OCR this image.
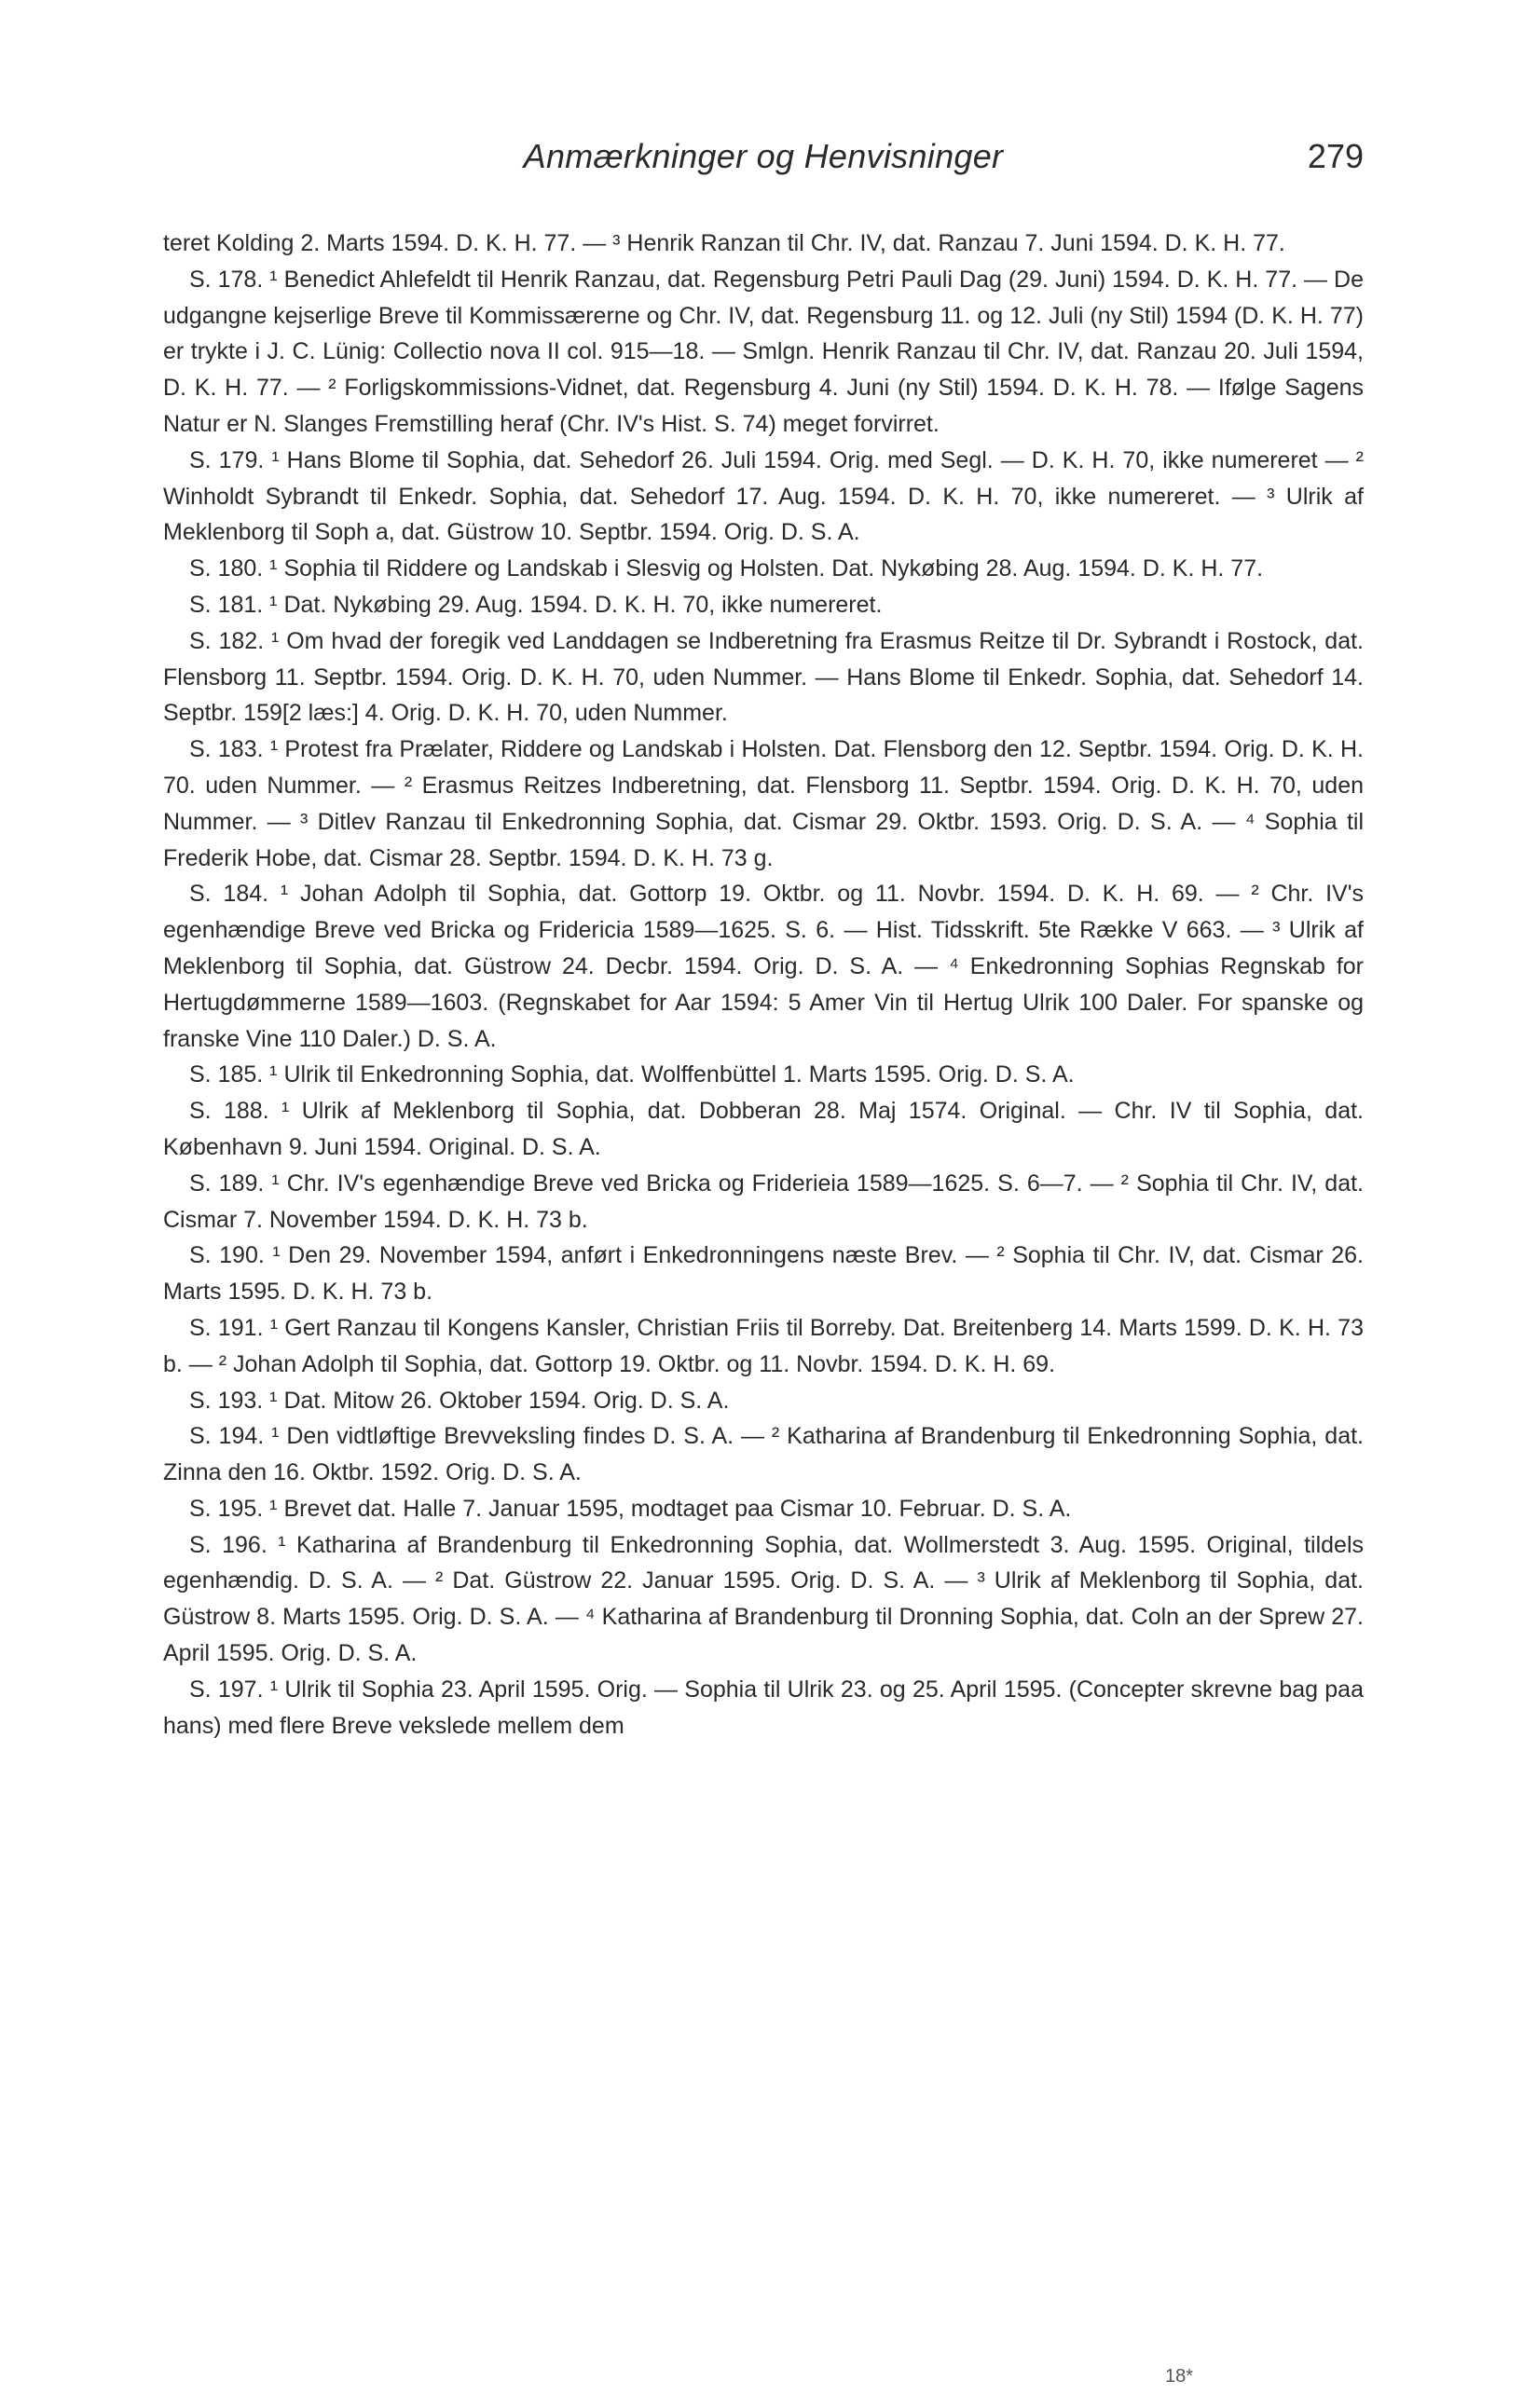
Anmærkninger og Henvisninger	279

teret Kolding 2. Marts 1594. D. K. H. 77. — ³ Henrik Ranzan til Chr. IV, dat. Ranzau 7. Juni 1594. D. K. H. 77.

S. 178. ¹ Benedict Ahlefeldt til Henrik Ranzau, dat. Regensburg Petri Pauli Dag (29. Juni) 1594. D. K. H. 77. — De udgangne kejserlige Breve til Kommissærerne og Chr. IV, dat. Regensburg 11. og 12. Juli (ny Stil) 1594 (D. K. H. 77) er trykte i J. C. Lünig: Collectio nova II col. 915—18. — Smlgn. Henrik Ranzau til Chr. IV, dat. Ranzau 20. Juli 1594, D. K. H. 77. — ² Forligskommissions-Vidnet, dat. Regensburg 4. Juni (ny Stil) 1594. D. K. H. 78. — Ifølge Sagens Natur er N. Slanges Fremstilling heraf (Chr. IV's Hist. S. 74) meget forvirret.

S. 179. ¹ Hans Blome til Sophia, dat. Sehedorf 26. Juli 1594. Orig. med Segl. — D. K. H. 70, ikke numereret — ² Winholdt Sybrandt til Enkedr. Sophia, dat. Sehedorf 17. Aug. 1594. D. K. H. 70, ikke numereret. — ³ Ulrik af Meklenborg til Soph a, dat. Güstrow 10. Septbr. 1594. Orig. D. S. A.

S. 180. ¹ Sophia til Riddere og Landskab i Slesvig og Holsten. Dat. Nykøbing 28. Aug. 1594. D. K. H. 77.

S. 181. ¹ Dat. Nykøbing 29. Aug. 1594. D. K. H. 70, ikke numereret.

S. 182. ¹ Om hvad der foregik ved Landdagen se Indberetning fra Erasmus Reitze til Dr. Sybrandt i Rostock, dat. Flensborg 11. Septbr. 1594. Orig. D. K. H. 70, uden Nummer. — Hans Blome til Enkedr. Sophia, dat. Sehedorf 14. Septbr. 159[2 læs:] 4. Orig. D. K. H. 70, uden Nummer.

S. 183. ¹ Protest fra Prælater, Riddere og Landskab i Holsten. Dat. Flensborg den 12. Septbr. 1594. Orig. D. K. H. 70. uden Nummer. — ² Erasmus Reitzes Indberetning, dat. Flensborg 11. Septbr. 1594. Orig. D. K. H. 70, uden Nummer. — ³ Ditlev Ranzau til Enkedronning Sophia, dat. Cismar 29. Oktbr. 1593. Orig. D. S. A. — ⁴ Sophia til Frederik Hobe, dat. Cismar 28. Septbr. 1594. D. K. H. 73 g.

S. 184. ¹ Johan Adolph til Sophia, dat. Gottorp 19. Oktbr. og 11. Novbr. 1594. D. K. H. 69. — ² Chr. IV's egenhændige Breve ved Bricka og Fridericia 1589—1625. S. 6. — Hist. Tidsskrift. 5te Række V 663. — ³ Ulrik af Meklenborg til Sophia, dat. Güstrow 24. Decbr. 1594. Orig. D. S. A. — ⁴ Enkedronning Sophias Regnskab for Hertugdømmerne 1589—1603. (Regnskabet for Aar 1594: 5 Amer Vin til Hertug Ulrik 100 Daler. For spanske og franske Vine 110 Daler.) D. S. A.

S. 185. ¹ Ulrik til Enkedronning Sophia, dat. Wolffenbüttel 1. Marts 1595. Orig. D. S. A.

S. 188. ¹ Ulrik af Meklenborg til Sophia, dat. Dobberan 28. Maj 1574. Original. — Chr. IV til Sophia, dat. København 9. Juni 1594. Original. D. S. A.

S. 189. ¹ Chr. IV's egenhændige Breve ved Bricka og Friderieia 1589—1625. S. 6—7. — ² Sophia til Chr. IV, dat. Cismar 7. November 1594. D. K. H. 73 b.

S. 190. ¹ Den 29. November 1594, anført i Enkedronningens næste Brev. — ² Sophia til Chr. IV, dat. Cismar 26. Marts 1595. D. K. H. 73 b.

S. 191. ¹ Gert Ranzau til Kongens Kansler, Christian Friis til Borreby. Dat. Breitenberg 14. Marts 1599. D. K. H. 73 b. — ² Johan Adolph til Sophia, dat. Gottorp 19. Oktbr. og 11. Novbr. 1594. D. K. H. 69.

S. 193. ¹ Dat. Mitow 26. Oktober 1594. Orig. D. S. A.

S. 194. ¹ Den vidtløftige Brevveksling findes D. S. A. — ² Katharina af Brandenburg til Enkedronning Sophia, dat. Zinna den 16. Oktbr. 1592. Orig. D. S. A.

S. 195. ¹ Brevet dat. Halle 7. Januar 1595, modtaget paa Cismar 10. Februar. D. S. A.

S. 196. ¹ Katharina af Brandenburg til Enkedronning Sophia, dat. Wollmerstedt 3. Aug. 1595. Original, tildels egenhændig. D. S. A. — ² Dat. Güstrow 22. Januar 1595. Orig. D. S. A. — ³ Ulrik af Meklenborg til Sophia, dat. Güstrow 8. Marts 1595. Orig. D. S. A. — ⁴ Katharina af Brandenburg til Dronning Sophia, dat. Coln an der Sprew 27. April 1595. Orig. D. S. A.

S. 197. ¹ Ulrik til Sophia 23. April 1595. Orig. — Sophia til Ulrik 23. og 25. April 1595. (Concepter skrevne bag paa hans) med flere Breve vekslede mellem dem

18*
